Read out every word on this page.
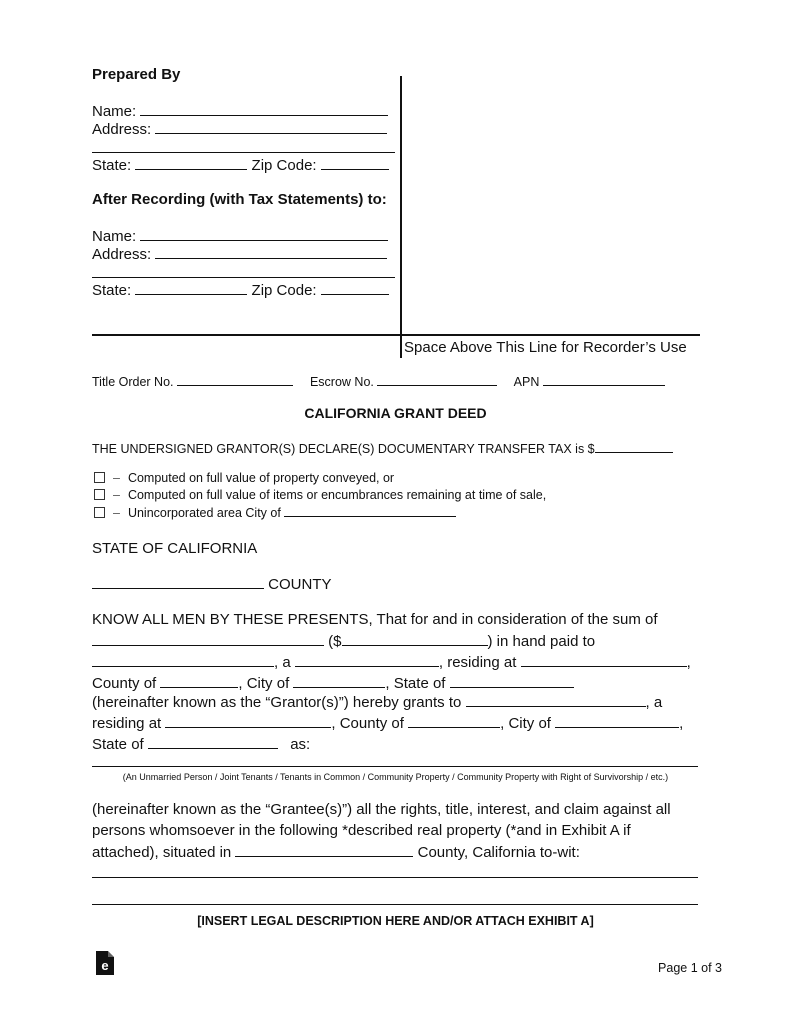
Prepared By
Name:
Address:
State:	Zip Code:
After Recording (with Tax Statements) to:
Name:
Address:
State:	Zip Code:
Space Above This Line for Recorder’s Use
Title Order No.	Escrow No.	APN
CALIFORNIA GRANT DEED
THE UNDERSIGNED GRANTOR(S) DECLARE(S) DOCUMENTARY TRANSFER TAX is $
– Computed on full value of property conveyed, or
– Computed on full value of items or encumbrances remaining at time of sale,
– Unincorporated area City of
STATE OF CALIFORNIA
COUNTY
KNOW ALL MEN BY THESE PRESENTS, That for and in consideration of the sum of
($	) in hand paid to
, a	, residing at	,
County of	, City of	, State of
(hereinafter known as the “Grantor(s)”) hereby grants to	, a
residing at	, County of	, City of	,
State of	as:
(An Unmarried Person / Joint Tenants / Tenants in Common / Community Property / Community Property with Right of Survivorship / etc.)
(hereinafter known as the “Grantee(s)”) all the rights, title, interest, and claim against all
persons whomsoever in the following *described real property (*and in Exhibit A if
attached), situated in	County, California to-wit:
[INSERT LEGAL DESCRIPTION HERE AND/OR ATTACH EXHIBIT A]
e	Page 1 of 3
